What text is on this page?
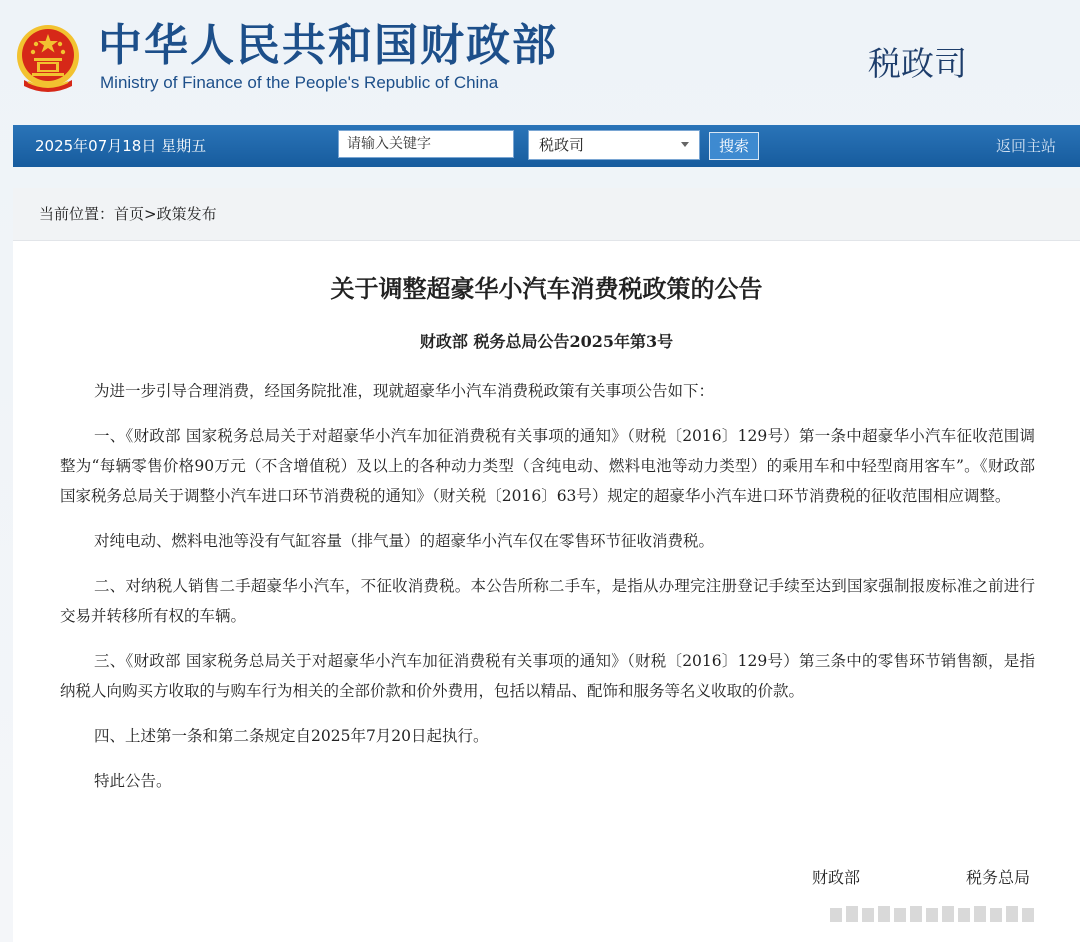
中华人民共和国财政部
Ministry of Finance of the People's Republic of China	税政司
2025年07月18日 星期五
请输入关键字	税政司	搜索	返回主站
当前位置：首页>政策发布
关于调整超豪华小汽车消费税政策的公告
财政部 税务总局公告2025年第3号

为进一步引导合理消费，经国务院批准，现就超豪华小汽车消费税政策有关事项公告如下：

一、《财政部 国家税务总局关于对超豪华小汽车加征消费税有关事项的通知》（财税〔2016〕129号）第一条中超豪华小汽车征收范围调整为“每辆零售价格90万元（不含增值税）及以上的各种动力类型（含纯电动、燃料电池等动力类型）的乘用车和中轻型商用客车”。《财政部 国家税务总局关于调整小汽车进口环节消费税的通知》（财关税〔2016〕63号）规定的超豪华小汽车进口环节消费税的征收范围相应调整。

对纯电动、燃料电池等没有气缸容量（排气量）的超豪华小汽车仅在零售环节征收消费税。

二、对纳税人销售二手超豪华小汽车，不征收消费税。本公告所称二手车，是指从办理完注册登记手续至达到国家强制报废标准之前进行交易并转移所有权的车辆。

三、《财政部 国家税务总局关于对超豪华小汽车加征消费税有关事项的通知》（财税〔2016〕129号）第三条中的零售环节销售额，是指纳税人向购买方收取的与购车行为相关的全部价款和价外费用，包括以精品、配饰和服务等名义收取的价款。

四、上述第一条和第二条规定自2025年7月20日起执行。

特此公告。

财政部	税务总局
